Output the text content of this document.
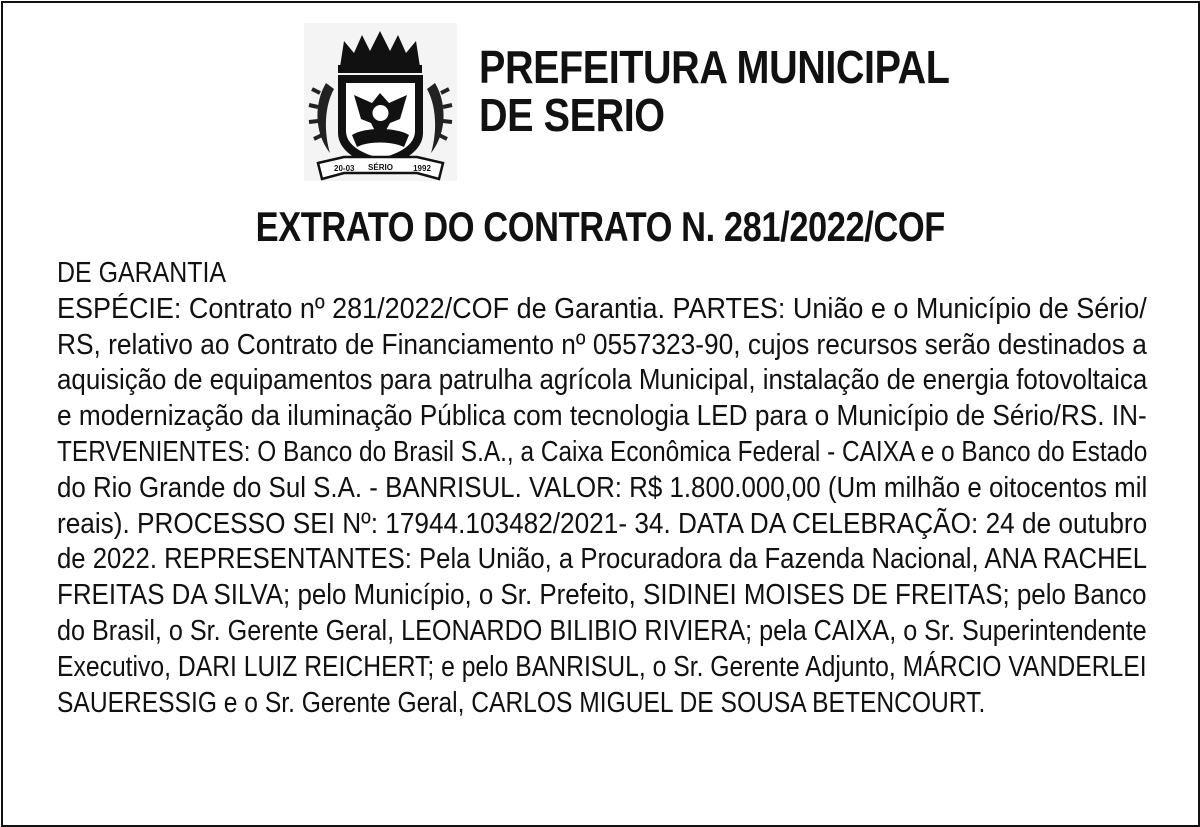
20-03 SÉRIO	1992
PREFEITURA MUNICIPAL
DE SERIO
EXTRATO DO CONTRATO N. 281/2022/COF
DE GARANTIA
ESPÉCIE: Contrato nº 281/2022/COF de Garantia. PARTES: União e o Município de Sério/
RS, relativo ao Contrato de Financiamento nº 0557323-90, cujos recursos serão destinados a
aquisição de equipamentos para patrulha agrícola Municipal, instalação de energia fotovoltaica
e modernização da iluminação Pública com tecnologia LED para o Município de Sério/RS. IN-
TERVENIENTES: O Banco do Brasil S.A., a Caixa Econômica Federal - CAIXA e o Banco do Estado
do Rio Grande do Sul S.A. - BANRISUL. VALOR: R$ 1.800.000,00 (Um milhão e oitocentos mil
reais). PROCESSO SEI Nº: 17944.103482/2021- 34. DATA DA CELEBRAÇÃO: 24 de outubro
de 2022. REPRESENTANTES: Pela União, a Procuradora da Fazenda Nacional, ANA RACHEL
FREITAS DA SILVA; pelo Município, o Sr. Prefeito, SIDINEI MOISES DE FREITAS; pelo Banco
do Brasil, o Sr. Gerente Geral, LEONARDO BILIBIO RIVIERA; pela CAIXA, o Sr. Superintendente
Executivo, DARI LUIZ REICHERT; e pelo BANRISUL, o Sr. Gerente Adjunto, MÁRCIO VANDERLEI
SAUERESSIG e o Sr. Gerente Geral, CARLOS MIGUEL DE SOUSA BETENCOURT.
